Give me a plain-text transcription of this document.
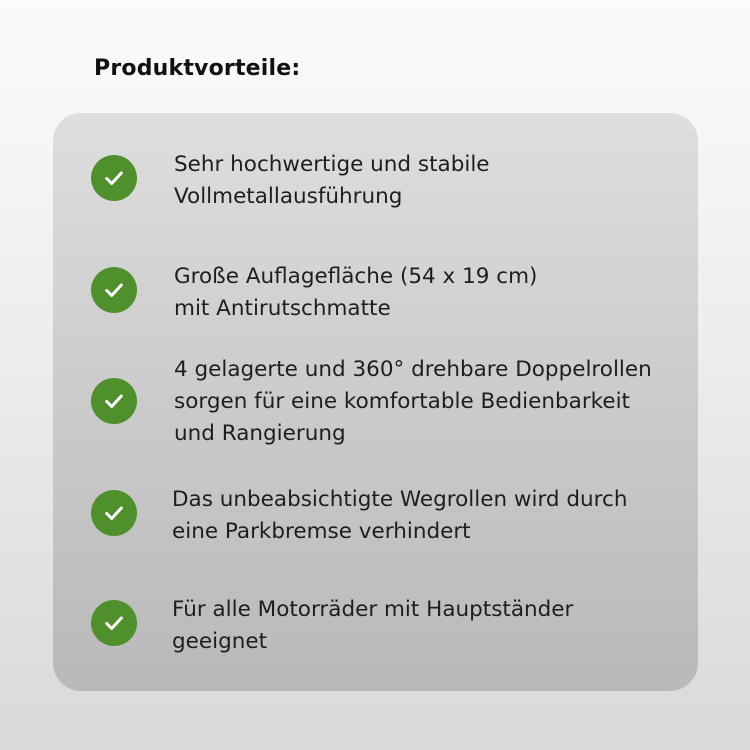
Produktvorteile:
Sehr hochwertige und stabile
Vollmetallausführung
Große Auflagefläche (54 x 19 cm)
mit Antirutschmatte
4 gelagerte und 360° drehbare Doppelrollen
sorgen für eine komfortable Bedienbarkeit
und Rangierung
Das unbeabsichtigte Wegrollen wird durch
eine Parkbremse verhindert
Für alle Motorräder mit Hauptständer
geeignet
